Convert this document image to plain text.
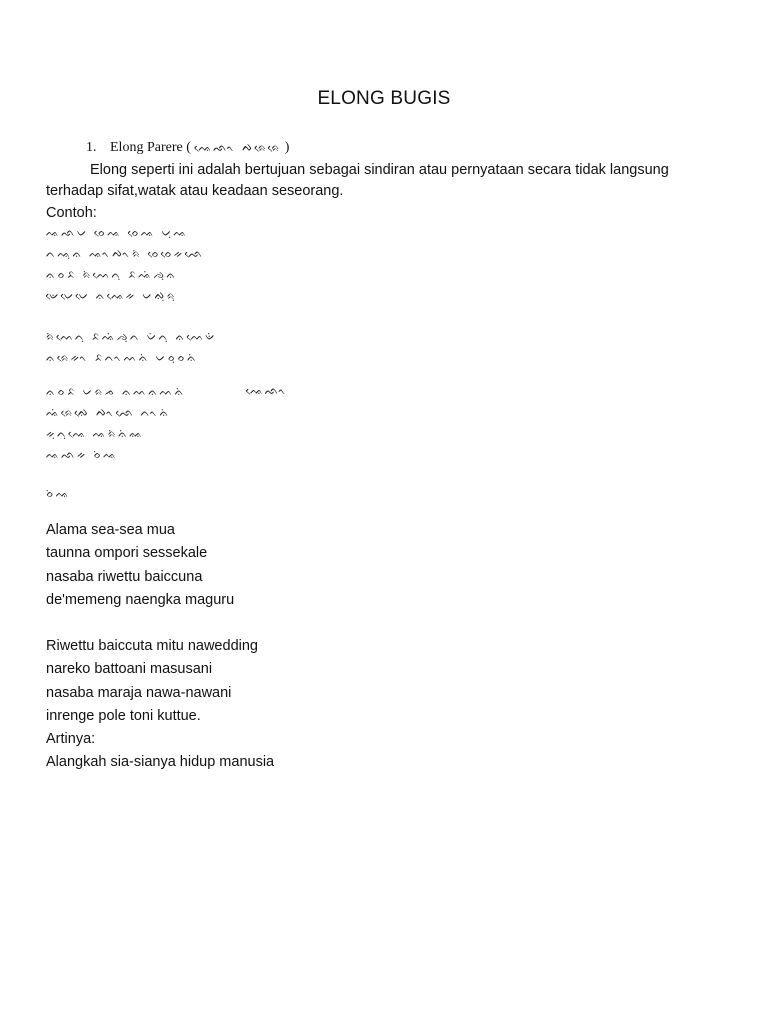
ELONG BUGIS
1. Elong Parere ( ᨕᨙᨒᨚ ᨄᨑᨙᨑᨙ )
Elong seperti ini adalah bertujuan sebagai sindiran atau pernyataan secara tidak langsung terhadap sifat,watak atau keadaan seseorang.
Contoh:
ᨕᨒᨆ ᨔᨙᨕ ᨔᨙᨕ ᨆᨘᨕ
ᨈᨕᨘᨊ ᨕᨚᨄᨚᨑᨗ ᨔᨙᨔᨙᨀᨒᨙ
ᨊᨔᨅ ᨑᨗᨓᨙᨈᨘ ᨅᨕᨗᨌᨘᨊ
ᨉᨙᨆᨙᨆᨙ ᨊᨕᨙᨀ ᨆᨁᨘᨑᨘ
ᨑᨗᨓᨙᨈᨘ ᨅᨕᨗᨌᨘᨈ ᨆᨗᨈᨘ ᨊᨓᨙᨉᨗ
ᨊᨑᨙᨀᨚ ᨅᨈᨚᨓᨊᨗ ᨆᨔᨘᨔᨊᨗ
ᨊᨔᨅ ᨆᨑᨍ ᨊᨓᨊᨓᨊᨗ
ᨕᨗᨑᨙᨁᨙ ᨄᨚᨒᨙ ᨈᨚᨊᨗ
ᨀᨘᨈᨘᨕᨙ ᨕᨑᨗᨊᨗᨐ
ᨕᨒᨀ ᨔᨗᨕ
ᨕᨙᨒᨚ
ᨔᨗᨕ
Alama sea-sea mua
taunna ompori sessekale
nasaba riwettu baiccuna
de'memeng naengka maguru
Riwettu baiccuta mitu nawedding
nareko battoani masusani
nasaba maraja nawa-nawani
inrenge pole toni kuttue.
Artinya:
Alangkah sia-sianya hidup manusia
